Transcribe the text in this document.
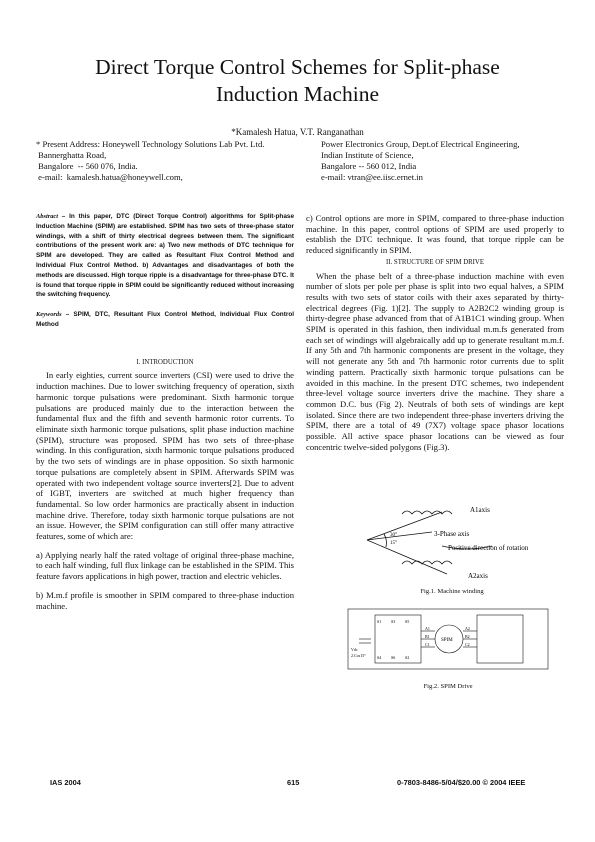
Direct Torque Control Schemes for Split-phase
Induction Machine
*Kamalesh Hatua, V.T. Ranganathan
* Present Address: Honeywell Technology Solutions Lab Pvt. Ltd.
Bannerghatta Road,
Bangalore  -- 560 076, India.
e-mail:  kamalesh.hatua@honeywell.com,
Power Electronics Group, Dept.of Electrical Engineering,
Indian Institute of Science,
Bangalore -- 560 012, India
e-mail: vtran@ee.iisc.ernet.in

Abstract – In this paper, DTC (Direct Torque Control) algorithms for Split-phase Induction Machine (SPIM) are established. SPIM has two sets of three-phase stator windings, with a shift of thirty electrical degrees between them. The significant contributions of the present work are: a) Two new methods of DTC technique for SPIM are developed. They are called as Resultant Flux Control Method and Individual Flux Control Method. b) Advantages and disadvantages of both the methods are discussed. High torque ripple is a disadvantage for three-phase DTC. It is found that torque ripple in SPIM could be significantly reduced without increasing the switching frequency.

Keywords – SPIM, DTC, Resultant Flux Control Method, Individual Flux Control Method

I. INTRODUCTION

In early eighties, current source inverters (CSI) were used to drive the induction machines. Due to lower switching frequency of operation, sixth harmonic torque pulsations were predominant. Sixth harmonic torque pulsations are produced mainly due to the interaction between the fundamental flux and the fifth and seventh harmonic rotor currents. To eliminate sixth harmonic torque pulsations, split phase induction machine (SPIM), structure was proposed. SPIM has two sets of three-phase winding. In this configuration, sixth harmonic torque pulsations produced by the two sets of windings are in phase opposition. So sixth harmonic torque pulsations are completely absent in SPIM. Afterwards SPIM was operated with two independent voltage source inverters[2]. Due to advent of IGBT, inverters are switched at much higher frequency than fundamental. So low order harmonics are practically absent in induction machine drive. Therefore, today sixth harmonic torque pulsations are not an issue. However, the SPIM configuration can still offer many attractive features, some of which are:

a) Applying nearly half the rated voltage of original three-phase machine, to each half winding, full flux linkage can be established in the SPIM. This feature favors applications in high power, traction and electric vehicles.

b) M.m.f profile is smoother in SPIM compared to three-phase induction machine.

c) Control options are more in SPIM, compared to three-phase induction machine. In this paper, control options of SPIM are used properly to establish the DTC technique. It was found, that torque ripple can be reduced significantly in SPIM.

II. STRUCTURE OF SPIM DRIVE

When the phase belt of a three-phase induction machine with even number of slots per pole per phase is split into two equal halves, a SPIM results with two sets of stator coils with their axes separated by thirty-electrical degrees (Fig. 1)[2]. The supply to A2B2C2 winding group is thirty-degree phase advanced from that of A1B1C1 winding group. When SPIM is operated in this fashion, then individual m.m.fs generated from each set of windings will algebraically add up to generate resultant m.m.f. If any 5th and 7th harmonic components are present in the voltage, they will not generate any 5th and 7th harmonic rotor currents due to split winding pattern. Practically sixth harmonic torque pulsations can be avoided in this machine. In the present DTC schemes, two independent three-level voltage source inverters drive the machine. They share a common D.C. bus (Fig 2). Neutrals of both sets of windings are kept isolated. Since there are two independent three-phase inverters driving the SPIM, there are a total of 49 (7X7) voltage space phasor locations possible. All active space phasor locations can be viewed as four concentric twelve-sided polygons (Fig.3).

A1axis
3-Phase axis
Positive direction of rotation
30°
15°
A2axis
Fig.1. Machine winding
SPIM
Vdc
2.Cos15°
S1 S3 S5
S4 S6 S2
A1
B1
C1
A2
B2
C2
Fig.2. SPIM Drive
IAS 2004	615	0-7803-8486-5/04/$20.00 © 2004 IEEE
